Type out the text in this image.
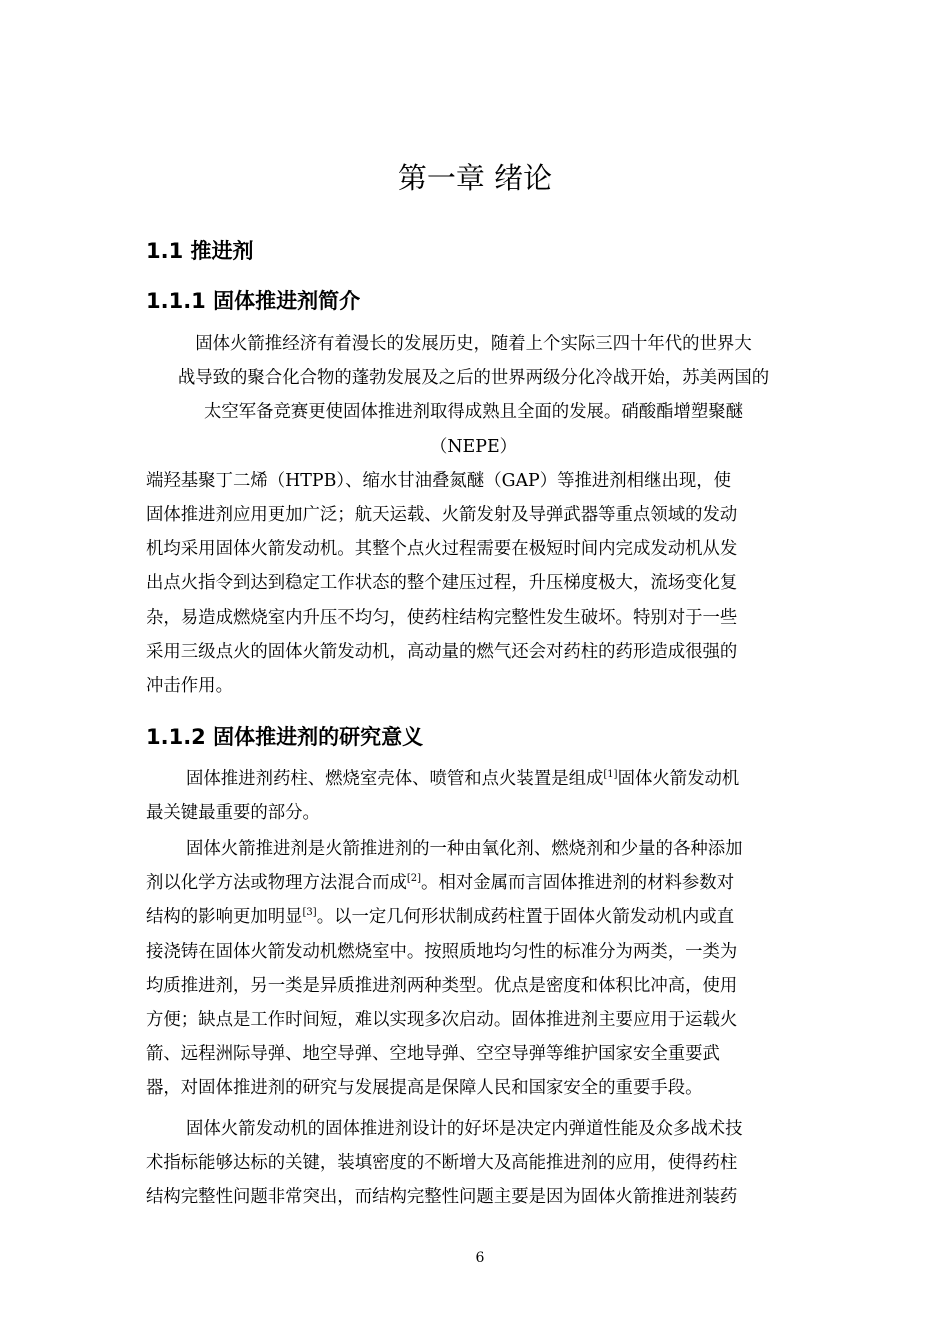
第一章 绪论
1.1 推进剂
1.1.1 固体推进剂简介
固体火箭推经济有着漫长的发展历史，随着上个实际三四十年代的世界大
战导致的聚合化合物的蓬勃发展及之后的世界两级分化冷战开始，苏美两国的
太空军备竞赛更使固体推进剂取得成熟且全面的发展。硝酸酯增塑聚醚
（NEPE）
端羟基聚丁二烯（HTPB）、缩水甘油叠氮醚（GAP）等推进剂相继出现，使
固体推进剂应用更加广泛；航天运载、火箭发射及导弹武器等重点领域的发动
机均采用固体火箭发动机。其整个点火过程需要在极短时间内完成发动机从发
出点火指令到达到稳定工作状态的整个建压过程，升压梯度极大，流场变化复
杂，易造成燃烧室内升压不均匀，使药柱结构完整性发生破坏。特别对于一些
采用三级点火的固体火箭发动机，高动量的燃气还会对药柱的药形造成很强的
冲击作用。
1.1.2 固体推进剂的研究意义
固体推进剂药柱、燃烧室壳体、喷管和点火装置是组成[1]固体火箭发动机
最关键最重要的部分。
固体火箭推进剂是火箭推进剂的一种由氧化剂、燃烧剂和少量的各种添加
剂以化学方法或物理方法混合而成[2]。相对金属而言固体推进剂的材料参数对
结构的影响更加明显[3]。以一定几何形状制成药柱置于固体火箭发动机内或直
接浇铸在固体火箭发动机燃烧室中。按照质地均匀性的标准分为两类，一类为
均质推进剂，另一类是异质推进剂两种类型。优点是密度和体积比冲高，使用
方便；缺点是工作时间短，难以实现多次启动。固体推进剂主要应用于运载火
箭、远程洲际导弹、地空导弹、空地导弹、空空导弹等维护国家安全重要武
器，对固体推进剂的研究与发展提高是保障人民和国家安全的重要手段。
固体火箭发动机的固体推进剂设计的好坏是决定内弹道性能及众多战术技
术指标能够达标的关键，装填密度的不断增大及高能推进剂的应用，使得药柱
结构完整性问题非常突出，而结构完整性问题主要是因为固体火箭推进剂装药
6
